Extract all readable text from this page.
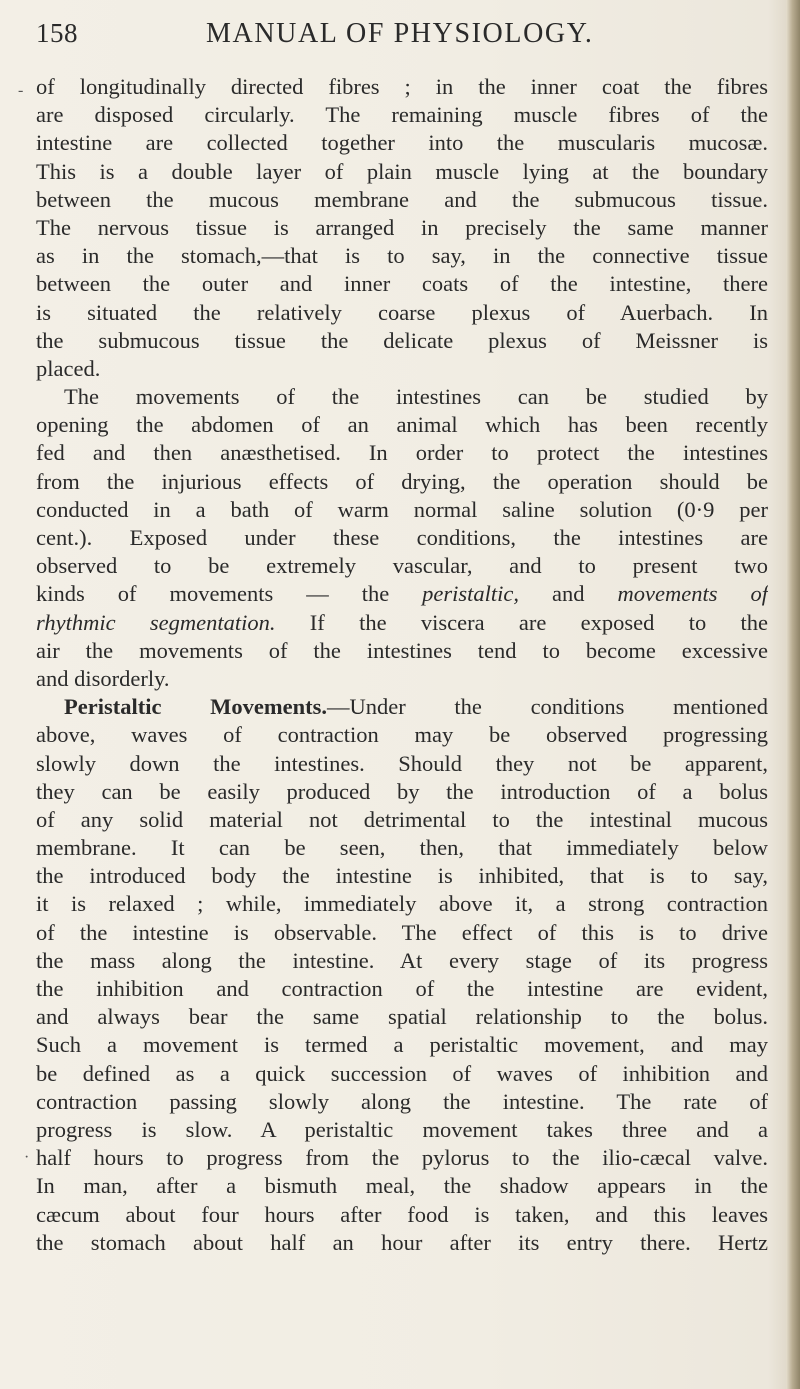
158	MANUAL OF PHYSIOLOGY.
of longitudinally directed fibres ; in the inner coat the fibres
are disposed circularly. The remaining muscle fibres of the
intestine are collected together into the muscularis mucosæ.
This is a double layer of plain muscle lying at the boundary
between the mucous membrane and the submucous tissue.
The nervous tissue is arranged in precisely the same manner
as in the stomach,—that is to say, in the connective tissue
between the outer and inner coats of the intestine, there
is situated the relatively coarse plexus of Auerbach. In
the submucous tissue the delicate plexus of Meissner is
placed.
The movements of the intestines can be studied by
opening the abdomen of an animal which has been recently
fed and then anæsthetised. In order to protect the intestines
from the injurious effects of drying, the operation should be
conducted in a bath of warm normal saline solution (0·9 per
cent.). Exposed under these conditions, the intestines are
observed to be extremely vascular, and to present two
kinds of movements — the peristaltic, and movements of
rhythmic segmentation. If the viscera are exposed to the
air the movements of the intestines tend to become excessive
and disorderly.
Peristaltic Movements.—Under the conditions mentioned
above, waves of contraction may be observed progressing
slowly down the intestines. Should they not be apparent,
they can be easily produced by the introduction of a bolus
of any solid material not detrimental to the intestinal mucous
membrane. It can be seen, then, that immediately below
the introduced body the intestine is inhibited, that is to say,
it is relaxed ; while, immediately above it, a strong contraction
of the intestine is observable. The effect of this is to drive
the mass along the intestine. At every stage of its progress
the inhibition and contraction of the intestine are evident,
and always bear the same spatial relationship to the bolus.
Such a movement is termed a peristaltic movement, and may
be defined as a quick succession of waves of inhibition and
contraction passing slowly along the intestine. The rate of
progress is slow. A peristaltic movement takes three and a
half hours to progress from the pylorus to the ilio-cæcal valve.
In man, after a bismuth meal, the shadow appears in the
cæcum about four hours after food is taken, and this leaves
the stomach about half an hour after its entry there. Hertz
-
·
